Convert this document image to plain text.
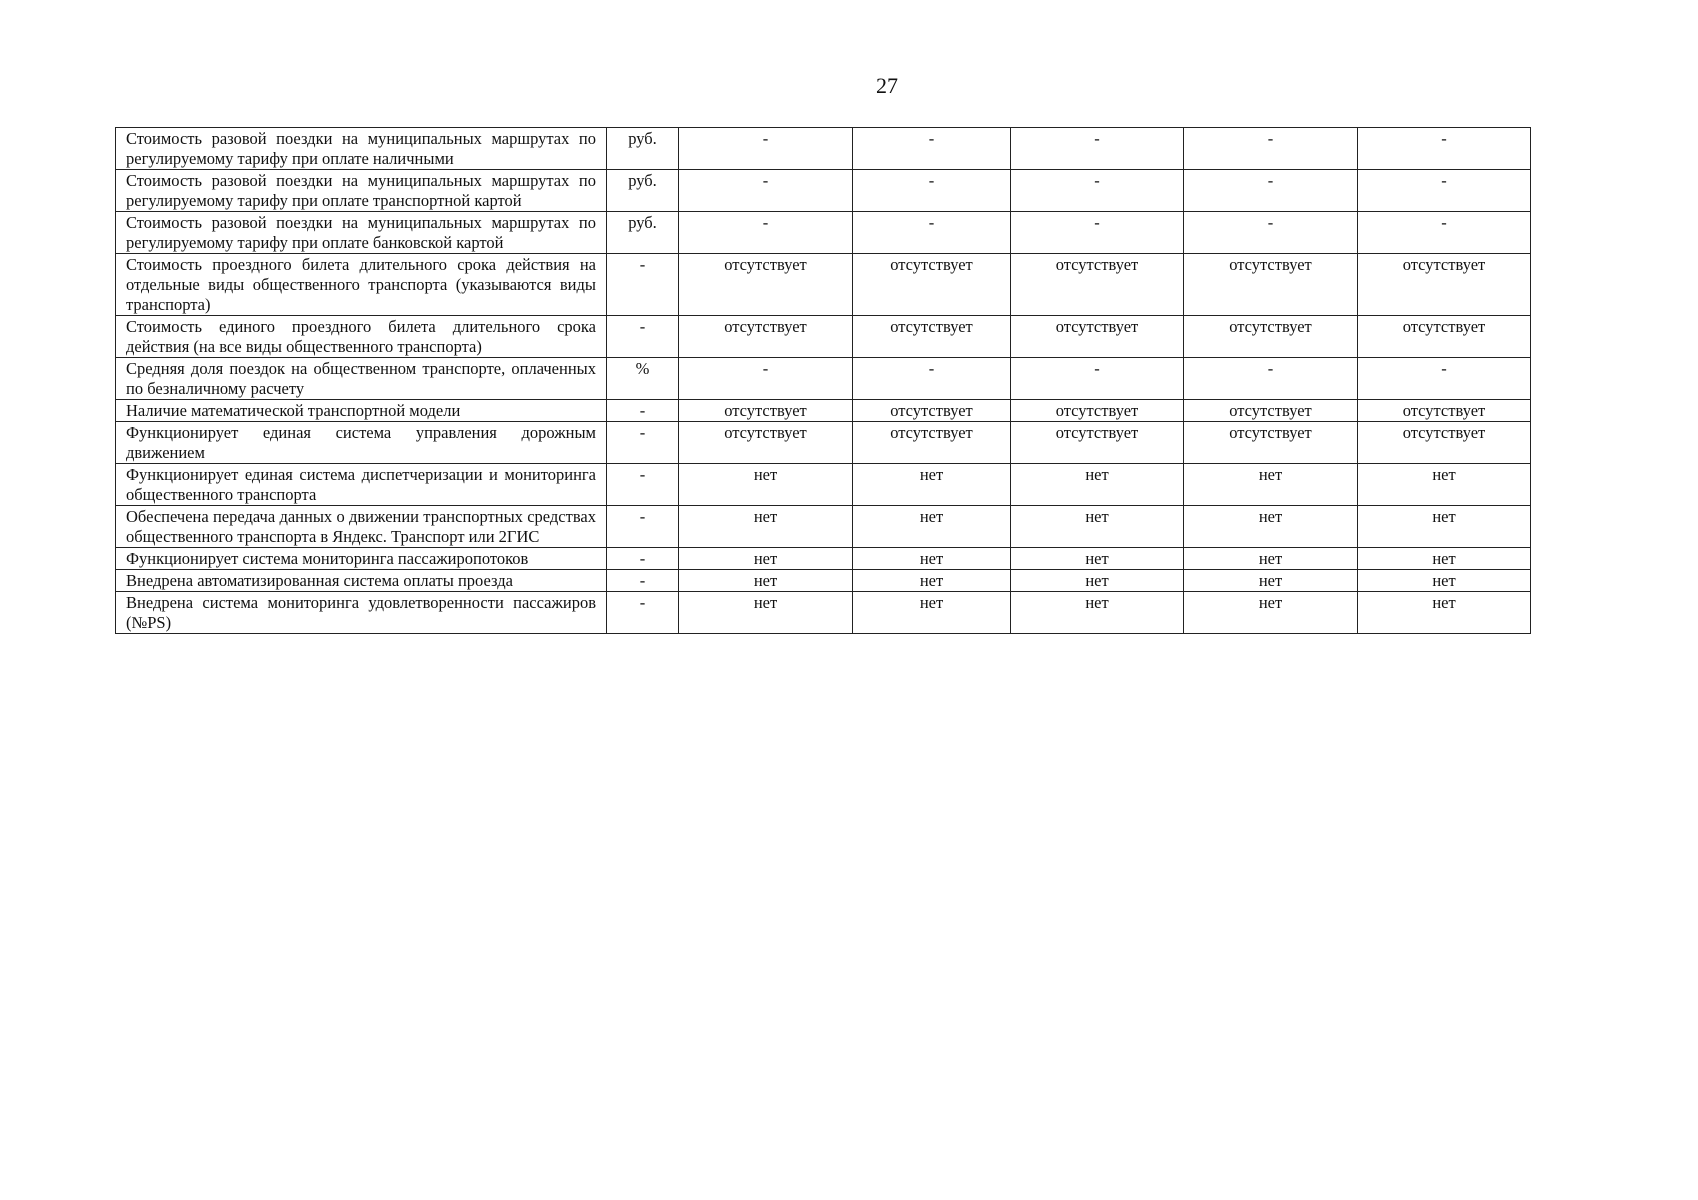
27
Стоимость разовой поездки на муниципальных маршрутах по регулируемому тарифу при оплате наличными	руб.	-	-	-	-	-
Стоимость разовой поездки на муниципальных маршрутах по регулируемому тарифу при оплате транспортной картой	руб.	-	-	-	-	-
Стоимость разовой поездки на муниципальных маршрутах по регулируемому тарифу при оплате банковской картой	руб.	-	-	-	-	-
Стоимость проездного билета длительного срока действия на отдельные виды общественного транспорта (указываются виды транспорта)	-	отсутствует	отсутствует	отсутствует	отсутствует	отсутствует
Стоимость единого проездного билета длительного срока действия (на все виды общественного транспорта)	-	отсутствует	отсутствует	отсутствует	отсутствует	отсутствует
Средняя доля поездок на общественном транспорте, оплаченных по безналичному расчету	%	-	-	-	-	-
Наличие математической транспортной модели	-	отсутствует	отсутствует	отсутствует	отсутствует	отсутствует
Функционирует единая система управления дорожным движением	-	отсутствует	отсутствует	отсутствует	отсутствует	отсутствует
Функционирует единая система диспетчеризации и мониторинга общественного транспорта	-	нет	нет	нет	нет	нет
Обеспечена передача данных о движении транспортных средствах общественного транспорта в Яндекс. Транспорт или 2ГИС	-	нет	нет	нет	нет	нет
Функционирует система мониторинга пассажиропотоков	-	нет	нет	нет	нет	нет
Внедрена автоматизированная система оплаты проезда	-	нет	нет	нет	нет	нет
Внедрена система мониторинга удовлетворенности пассажиров (№PS)	-	нет	нет	нет	нет	нет
